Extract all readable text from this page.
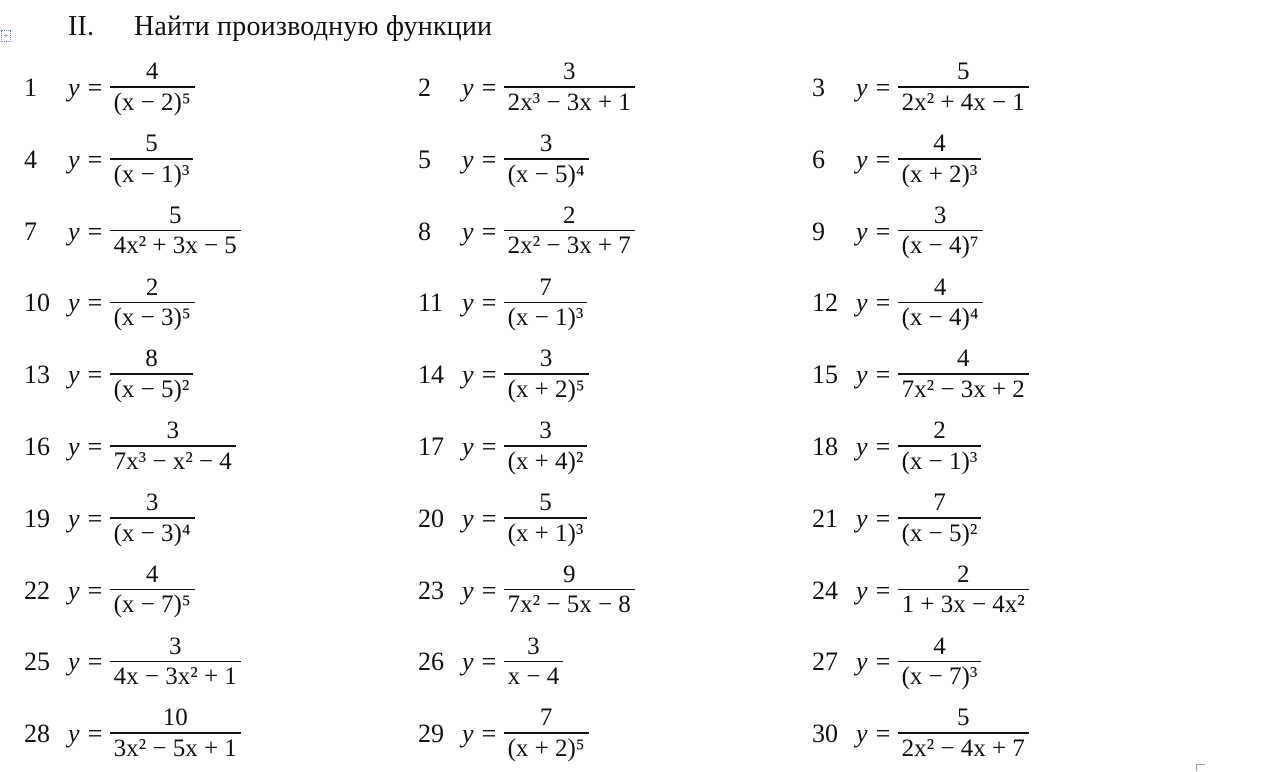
+ II. Найти производную функции
1	$y = \frac{4}{\text{(x − 2)⁵}}$	2	$y = \frac{3}{\text{2x³ − 3x + 1}}$	3	$y = \frac{5}{\text{2x² + 4x − 1}}$
4	$y = \frac{5}{\text{(x − 1)³}}$	5	$y = \frac{3}{\text{(x − 5)⁴}}$	6	$y = \frac{4}{\text{(x + 2)³}}$
7	$y = \frac{5}{\text{4x² + 3x − 5}}$	8	$y = \frac{2}{\text{2x² − 3x + 7}}$	9	$y = \frac{3}{\text{(x − 4)⁷}}$
10 $y = \frac{2}{\text{(x − 3)⁵}}$	11 $y = \frac{7}{\text{(x − 1)³}}$	12 $y = \frac{4}{\text{(x − 4)⁴}}$
13 $y = \frac{8}{\text{(x − 5)²}}$	14 $y = \frac{3}{\text{(x + 2)⁵}}$	15 $y = \frac{4}{\text{7x² − 3x + 2}}$
16 $y = \frac{3}{\text{7x³ − x² − 4}}$	17 $y = \frac{3}{\text{(x + 4)²}}$	18 $y = \frac{2}{\text{(x − 1)³}}$
19 $y = \frac{3}{\text{(x − 3)⁴}}$	20 $y = \frac{5}{\text{(x + 1)³}}$	21 $y = \frac{7}{\text{(x − 5)²}}$
22 $y = \frac{4}{\text{(x − 7)⁵}}$	23 $y = \frac{9}{\text{7x² − 5x − 8}}$	24 $y = \frac{2}{\text{1 + 3x − 4x²}}$
25 $y = \frac{3}{\text{4x − 3x² + 1}}$	26 $y = \frac{3}{x - 4}$	27 $y = \frac{4}{\text{(x − 7)³}}$
28 $y = \frac{10}{\text{3x² − 5x + 1}}$	29 $y = \frac{7}{\text{(x + 2)⁵}}$	30 $y = \frac{5}{\text{2x² − 4x + 7}}$
